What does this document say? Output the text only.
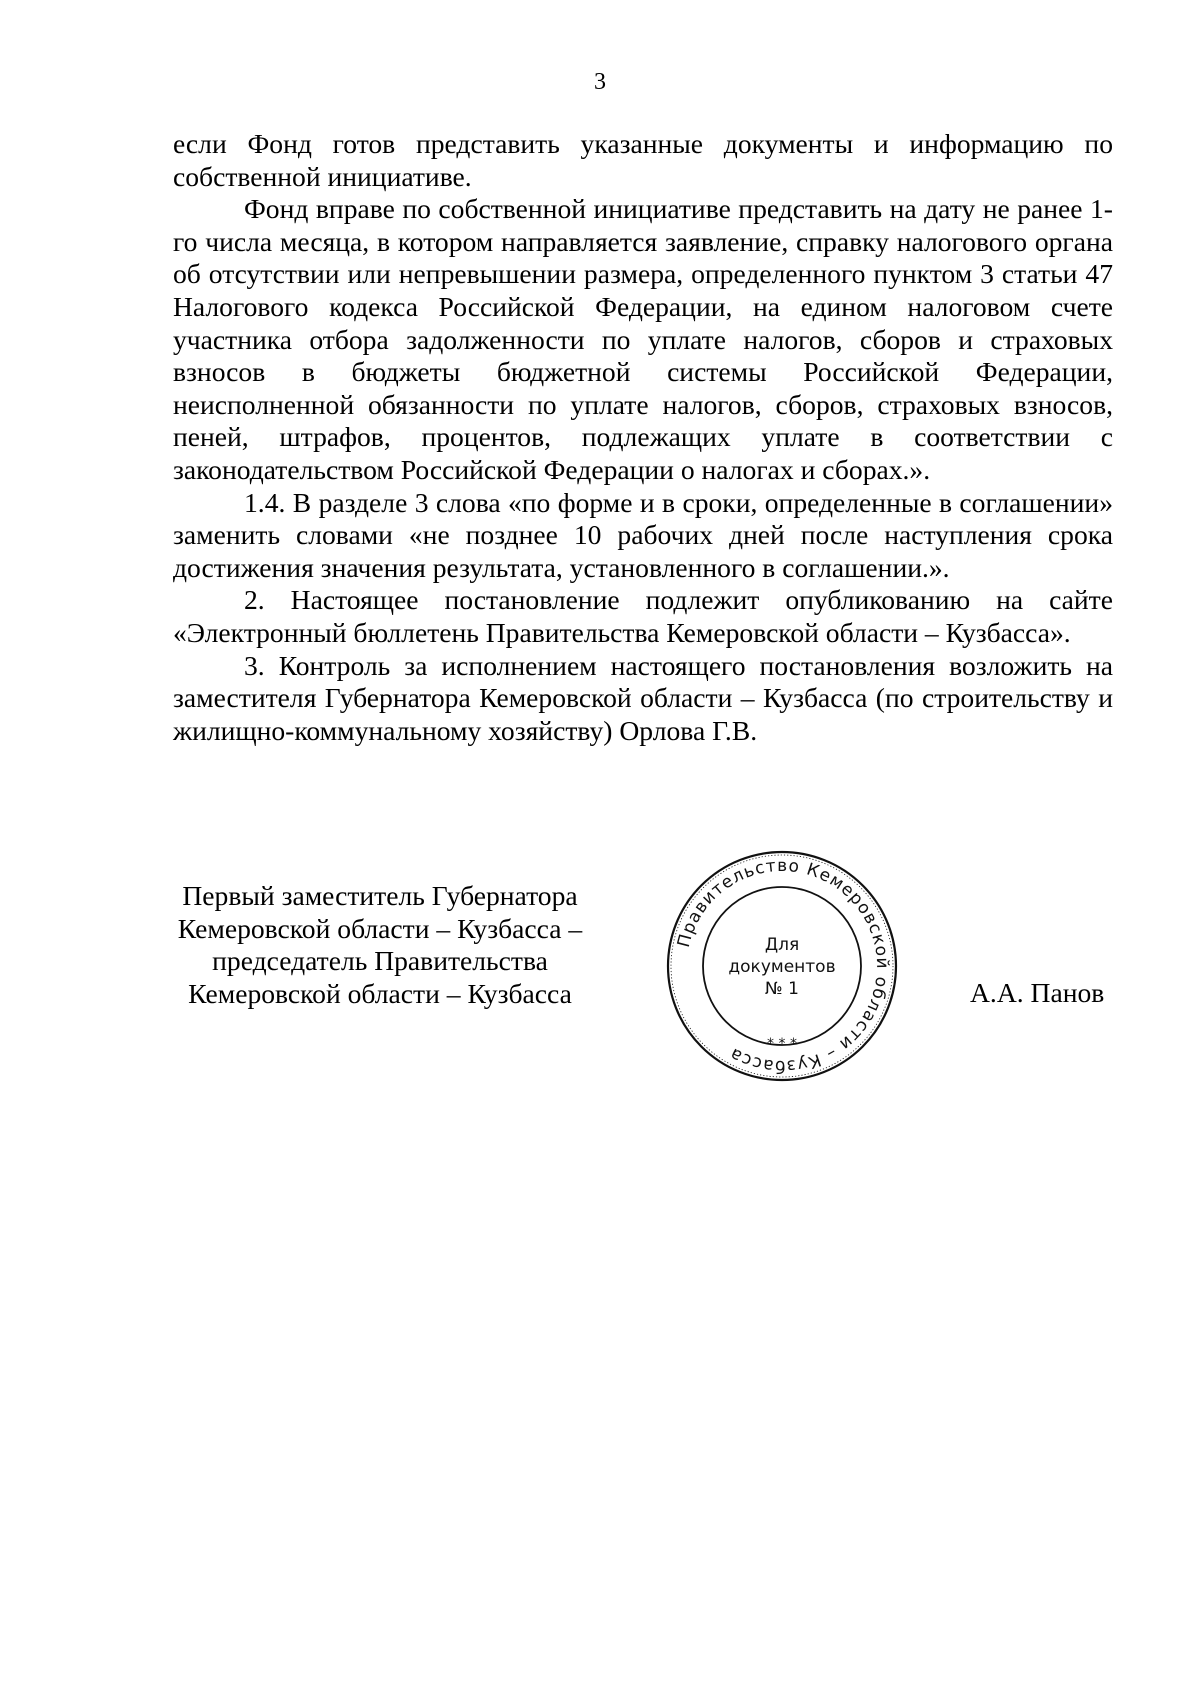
3

если Фонд готов представить указанные документы и информацию по собственной инициативе.

Фонд вправе по собственной инициативе представить на дату не ранее 1-го числа месяца, в котором направляется заявление, справку налогового органа об отсутствии или непревышении размера, определенного пунктом 3 статьи 47 Налогового кодекса Российской Федерации, на едином налоговом счете участника отбора задолженности по уплате налогов, сборов и страховых взносов в бюджеты бюджетной системы Российской Федерации, неисполненной обязанности по уплате налогов, сборов, страховых взносов, пеней, штрафов, процентов, подлежащих уплате в соответствии с законодательством Российской Федерации о налогах и сборах.».

1.4. В разделе 3 слова «по форме и в сроки, определенные в соглашении» заменить словами «не позднее 10 рабочих дней после наступления срока достижения значения результата, установленного в соглашении.».

2. Настоящее постановление подлежит опубликованию на сайте «Электронный бюллетень Правительства Кемеровской области – Кузбасса».

3. Контроль за исполнением настоящего постановления возложить на заместителя Губернатора Кемеровской области – Кузбасса (по строительству и жилищно-коммунальному хозяйству) Орлова Г.В.

Первый заместитель Губернатора
Кемеровской области – Кузбасса –
председатель Правительства
Кемеровской области – Кузбасса	А.А. Панов
Правительство Кемеровской области – Кузбасса	* * *
Для
документов
№ 1
